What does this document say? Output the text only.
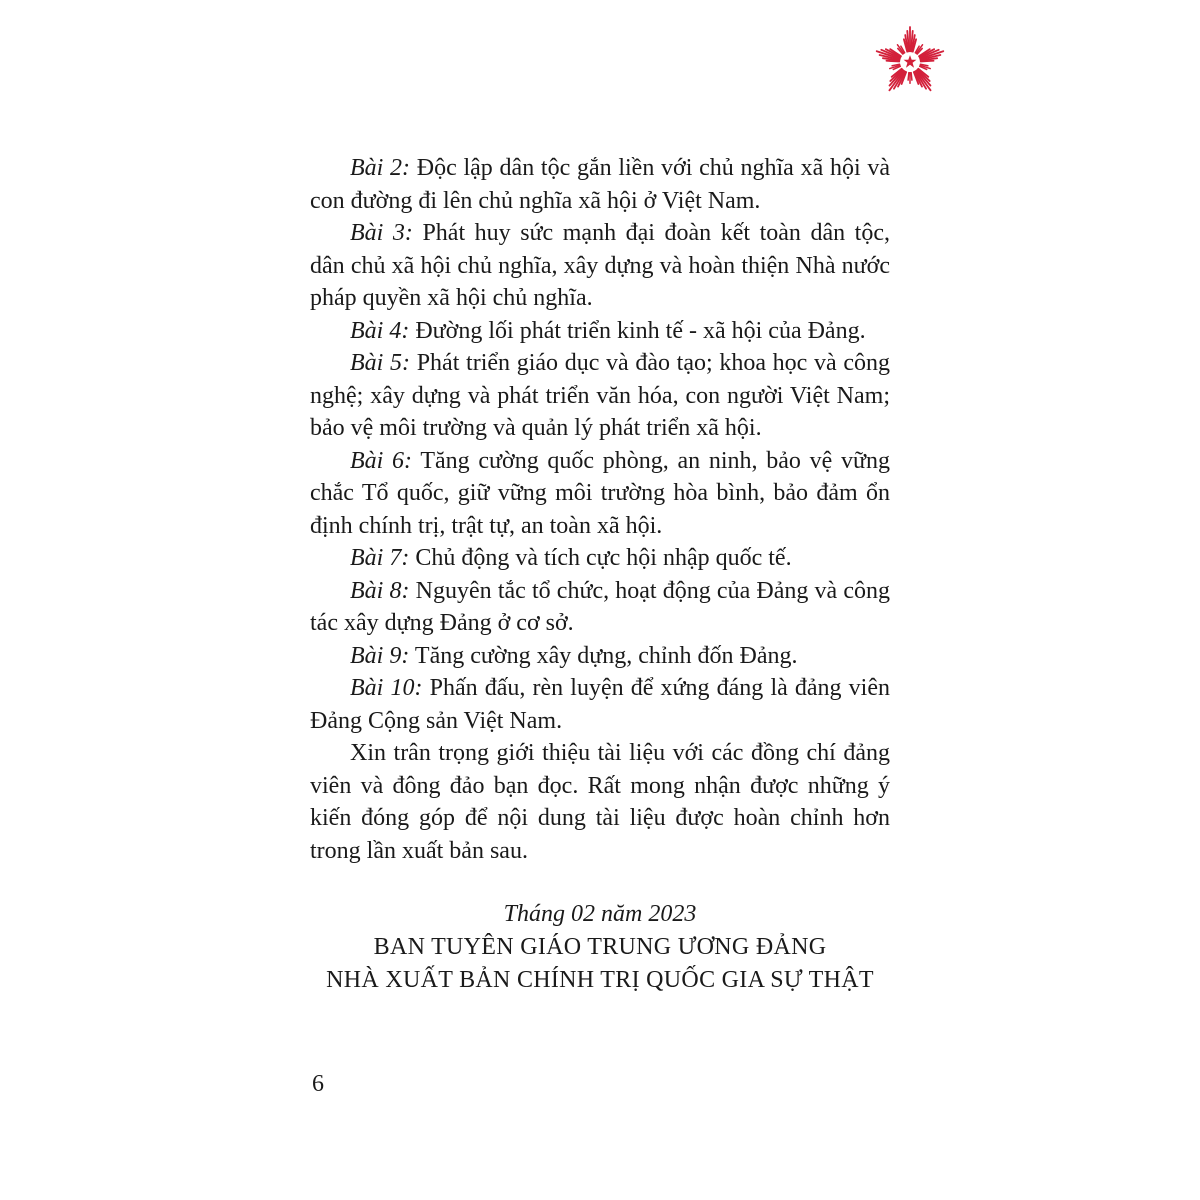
Bài 2: Độc lập dân tộc gắn liền với chủ nghĩa xã hội và con đường đi lên chủ nghĩa xã hội ở Việt Nam.

Bài 3: Phát huy sức mạnh đại đoàn kết toàn dân tộc, dân chủ xã hội chủ nghĩa, xây dựng và hoàn thiện Nhà nước pháp quyền xã hội chủ nghĩa.

Bài 4: Đường lối phát triển kinh tế - xã hội của Đảng.

Bài 5: Phát triển giáo dục và đào tạo; khoa học và công nghệ; xây dựng và phát triển văn hóa, con người Việt Nam; bảo vệ môi trường và quản lý phát triển xã hội.

Bài 6: Tăng cường quốc phòng, an ninh, bảo vệ vững chắc Tổ quốc, giữ vững môi trường hòa bình, bảo đảm ổn định chính trị, trật tự, an toàn xã hội.

Bài 7: Chủ động và tích cực hội nhập quốc tế.

Bài 8: Nguyên tắc tổ chức, hoạt động của Đảng và công tác xây dựng Đảng ở cơ sở.

Bài 9: Tăng cường xây dựng, chỉnh đốn Đảng.

Bài 10: Phấn đấu, rèn luyện để xứng đáng là đảng viên Đảng Cộng sản Việt Nam.

Xin trân trọng giới thiệu tài liệu với các đồng chí đảng viên và đông đảo bạn đọc. Rất mong nhận được những ý kiến đóng góp để nội dung tài liệu được hoàn chỉnh hơn trong lần xuất bản sau.

Tháng 02 năm 2023
BAN TUYÊN GIÁO TRUNG ƯƠNG ĐẢNG
NHÀ XUẤT BẢN CHÍNH TRỊ QUỐC GIA SỰ THẬT
6
